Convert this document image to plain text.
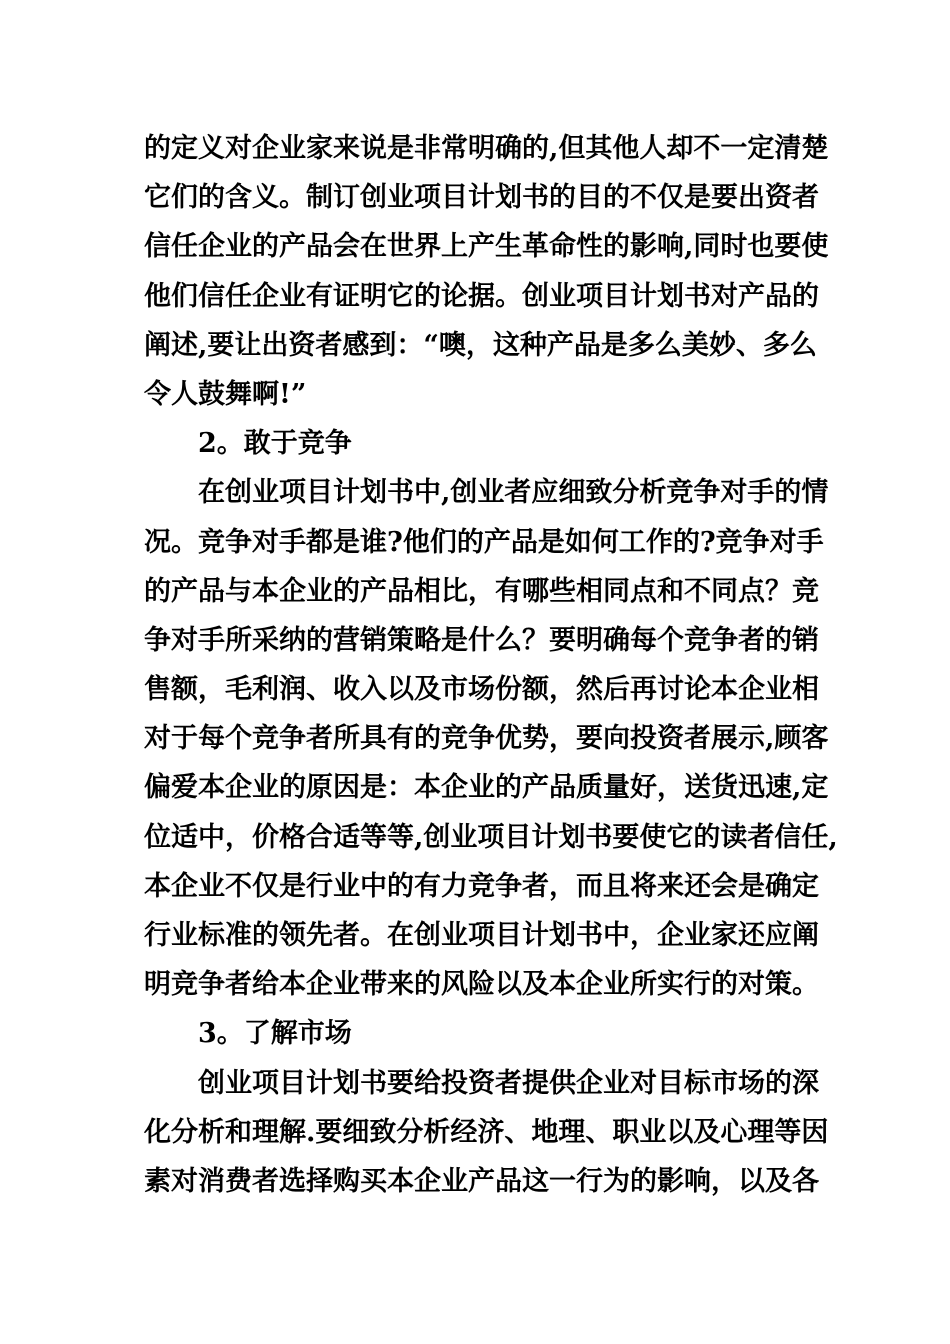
的定义对企业家来说是非常明确的,但其他人却不一定清楚
它们的含义。制订创业项目计划书的目的不仅是要出资者
信任企业的产品会在世界上产生革命性的影响,同时也要使
他们信任企业有证明它的论据。创业项目计划书对产品的
阐述,要让出资者感到：“噢，这种产品是多么美妙、多么
令人鼓舞啊!”
2。敢于竞争
在创业项目计划书中,创业者应细致分析竞争对手的情
况。竞争对手都是谁?他们的产品是如何工作的?竞争对手
的产品与本企业的产品相比，有哪些相同点和不同点？竞
争对手所采纳的营销策略是什么？要明确每个竞争者的销
售额，毛利润、收入以及市场份额，然后再讨论本企业相
对于每个竞争者所具有的竞争优势，要向投资者展示,顾客
偏爱本企业的原因是：本企业的产品质量好，送货迅速,定
位适中，价格合适等等,创业项目计划书要使它的读者信任,
本企业不仅是行业中的有力竞争者，而且将来还会是确定
行业标准的领先者。在创业项目计划书中，企业家还应阐
明竞争者给本企业带来的风险以及本企业所实行的对策。
3。了解市场
创业项目计划书要给投资者提供企业对目标市场的深
化分析和理解.要细致分析经济、地理、职业以及心理等因
素对消费者选择购买本企业产品这一行为的影响，以及各
